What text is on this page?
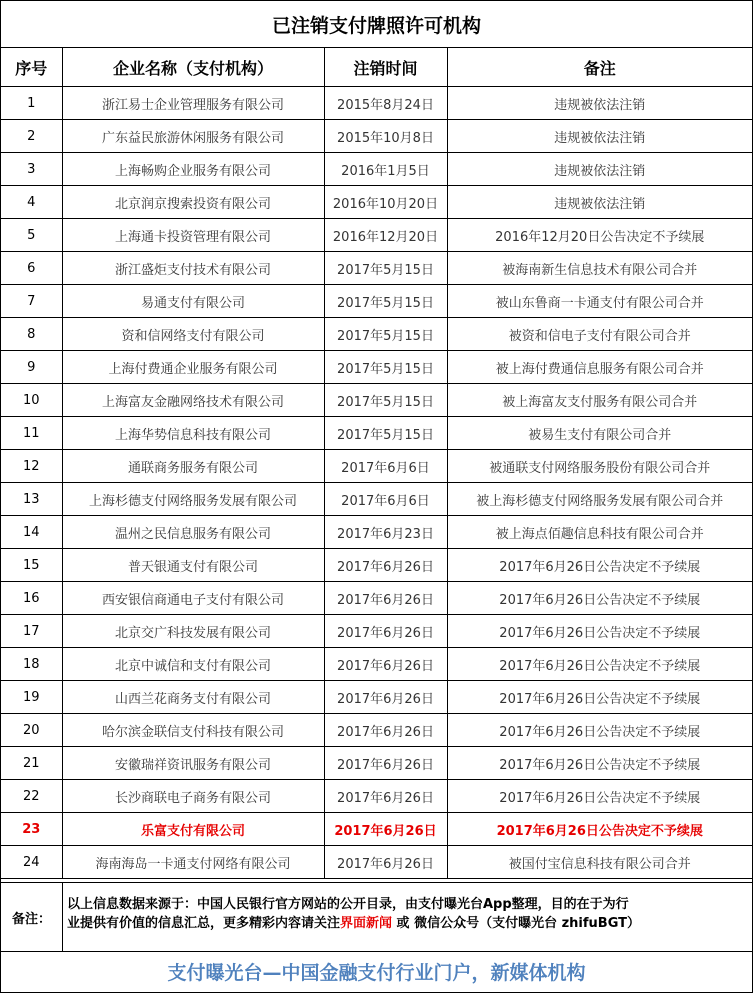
已注销支付牌照许可机构
序号	企业名称（支付机构）	注销时间	备注
1	浙江易士企业管理服务有限公司	2015年8月24日	违规被依法注销
2	广东益民旅游休闲服务有限公司	2015年10月8日	违规被依法注销
3	上海畅购企业服务有限公司	2016年1月5日	违规被依法注销
4	北京润京搜索投资有限公司	2016年10月20日	违规被依法注销
5	上海通卡投资管理有限公司	2016年12月20日	2016年12月20日公告决定不予续展
6	浙江盛炬支付技术有限公司	2017年5月15日	被海南新生信息技术有限公司合并
7	易通支付有限公司	2017年5月15日	被山东鲁商一卡通支付有限公司合并
8	资和信网络支付有限公司	2017年5月15日	被资和信电子支付有限公司合并
9	上海付费通企业服务有限公司	2017年5月15日	被上海付费通信息服务有限公司合并
10	上海富友金融网络技术有限公司	2017年5月15日	被上海富友支付服务有限公司合并
11	上海华势信息科技有限公司	2017年5月15日	被易生支付有限公司合并
12	通联商务服务有限公司	2017年6月6日	被通联支付网络服务股份有限公司合并
13	上海杉德支付网络服务发展有限公司	2017年6月6日	被上海杉德支付网络服务发展有限公司合并
14	温州之民信息服务有限公司	2017年6月23日	被上海点佰趣信息科技有限公司合并
15	普天银通支付有限公司	2017年6月26日	2017年6月26日公告决定不予续展
16	西安银信商通电子支付有限公司	2017年6月26日	2017年6月26日公告决定不予续展
17	北京交广科技发展有限公司	2017年6月26日	2017年6月26日公告决定不予续展
18	北京中诚信和支付有限公司	2017年6月26日	2017年6月26日公告决定不予续展
19	山西兰花商务支付有限公司	2017年6月26日	2017年6月26日公告决定不予续展
20	哈尔滨金联信支付科技有限公司	2017年6月26日	2017年6月26日公告决定不予续展
21	安徽瑞祥资讯服务有限公司	2017年6月26日	2017年6月26日公告决定不予续展
22	长沙商联电子商务有限公司	2017年6月26日	2017年6月26日公告决定不予续展
23	乐富支付有限公司	2017年6月26日	2017年6月26日公告决定不予续展
24	海南海岛一卡通支付网络有限公司	2017年6月26日	被国付宝信息科技有限公司合并
备注：
以上信息数据来源于：中国人民银行官方网站的公开目录，由支付曝光台App整理，目的在于为行
业提供有价值的信息汇总，更多精彩内容请关注界面新闻 或 微信公众号（支付曝光台 zhifuBGT）
支付曝光台—中国金融支付行业门户，新媒体机构
